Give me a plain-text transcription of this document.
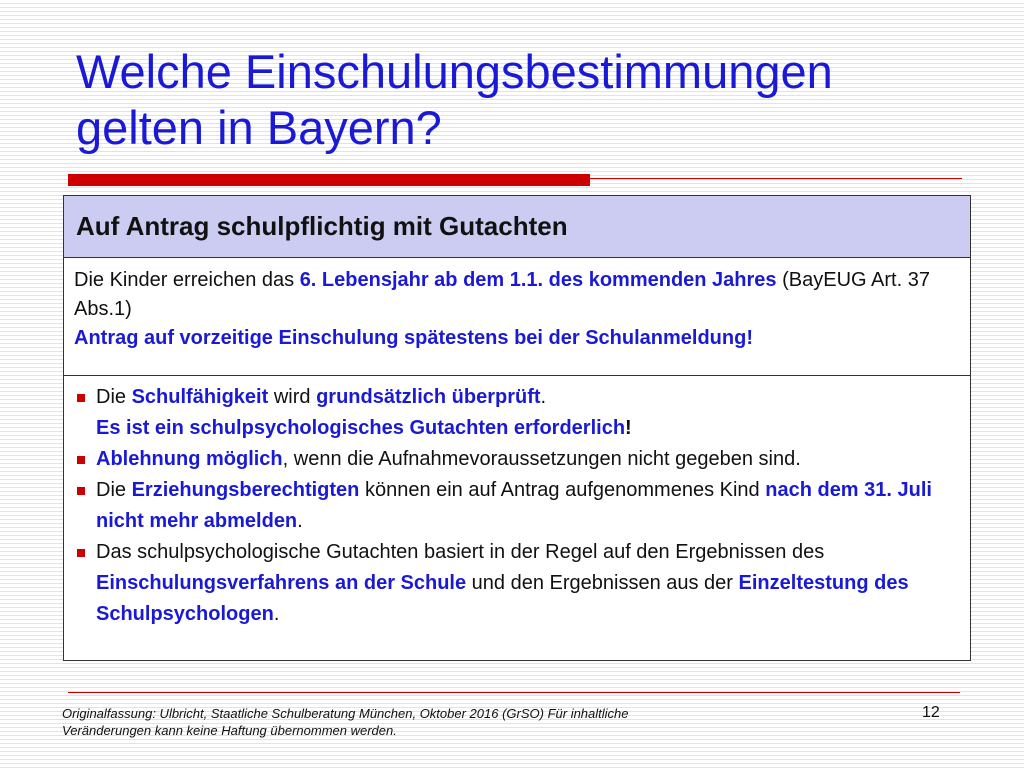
Welche Einschulungsbestimmungen gelten in Bayern?
Auf Antrag schulpflichtig mit Gutachten
Die Kinder erreichen das 6. Lebensjahr ab dem 1.1. des kommenden Jahres (BayEUG Art. 37 Abs.1)
Antrag auf vorzeitige Einschulung spätestens bei der Schulanmeldung!
Die Schulfähigkeit wird grundsätzlich überprüft.
Es ist ein schulpsychologisches Gutachten erforderlich!
Ablehnung möglich, wenn die Aufnahmevoraussetzungen nicht gegeben sind.
Die Erziehungsberechtigten können ein auf Antrag aufgenommenes Kind nach dem 31. Juli nicht mehr abmelden.
Das schulpsychologische Gutachten basiert in der Regel auf den Ergebnissen des Einschulungsverfahrens an der Schule und den Ergebnissen aus der Einzeltestung des Schulpsychologen.
Originalfassung: Ulbricht, Staatliche Schulberatung München, Oktober 2016 (GrSO) Für inhaltliche Veränderungen kann keine Haftung übernommen werden.
12
